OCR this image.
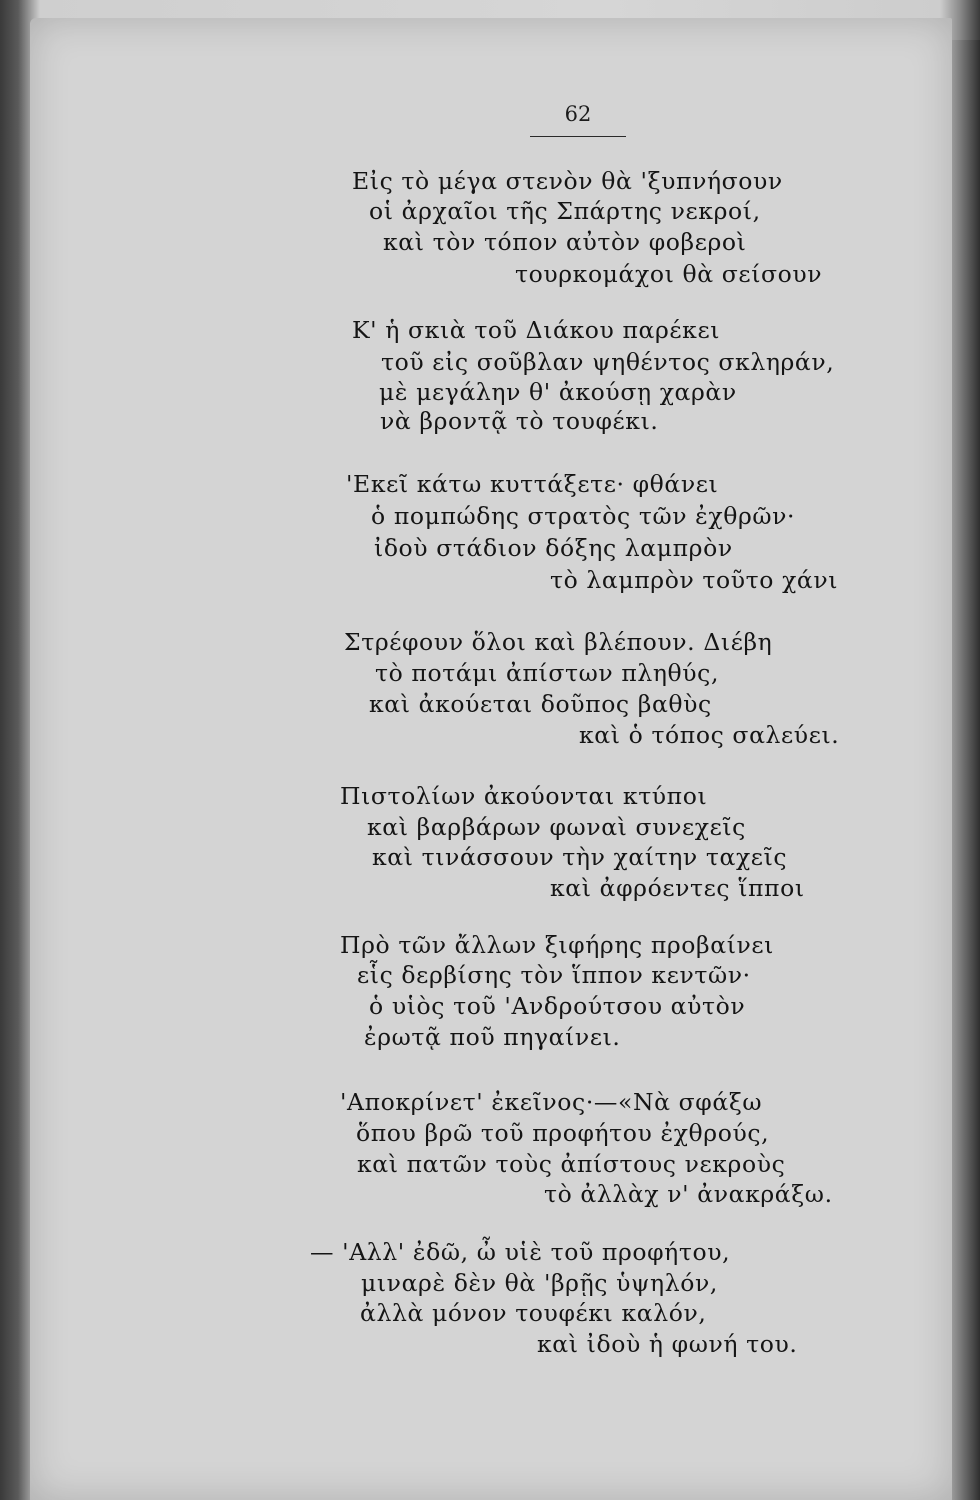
62
Εἰς τὸ μέγα στενὸν θὰ 'ξυπνήσουν
οἱ ἀρχαῖοι τῆς Σπάρτης νεκροί,
καὶ τὸν τόπον αὐτὸν φοβεροὶ
τουρκομάχοι θὰ σείσουν
Κ' ἡ σκιὰ τοῦ Διάκου παρέκει
τοῦ εἰς σοῦβλαν ψηθέντος σκληράν,
μὲ μεγάλην θ' ἀκούσῃ χαρὰν
νὰ βροντᾷ τὸ τουφέκι.
'Εκεῖ κάτω κυττάξετε· φθάνει
ὁ πομπώδης στρατὸς τῶν ἐχθρῶν·
ἰδοὺ στάδιον δόξης λαμπρὸν
τὸ λαμπρὸν τοῦτο χάνι
Στρέφουν ὅλοι καὶ βλέπουν. Διέβη
τὸ ποτάμι ἀπίστων πληθύς,
καὶ ἀκούεται δοῦπος βαθὺς
καὶ ὁ τόπος σαλεύει.
Πιστολίων ἀκούονται κτύποι
καὶ βαρβάρων φωναὶ συνεχεῖς
καὶ τινάσσουν τὴν χαίτην ταχεῖς
καὶ ἀφρόεντες ἵπποι
Πρὸ τῶν ἄλλων ξιφήρης προβαίνει
εἷς δερβίσης τὸν ἵππον κεντῶν·
ὁ υἱὸς τοῦ 'Ανδρούτσου αὐτὸν
ἐρωτᾷ ποῦ πηγαίνει.
'Αποκρίνετ' ἐκεῖνος·—«Νὰ σφάξω
ὅπου βρῶ τοῦ προφήτου ἐχθρούς,
καὶ πατῶν τοὺς ἀπίστους νεκροὺς
τὸ ἀλλὰχ ν' ἀνακράξω.
— 'Αλλ' ἐδῶ, ὦ υἱὲ τοῦ προφήτου,
μιναρὲ δὲν θὰ 'βρῇς ὑψηλόν,
ἀλλὰ μόνον τουφέκι καλόν,
καὶ ἰδοὺ ἡ φωνή του.
